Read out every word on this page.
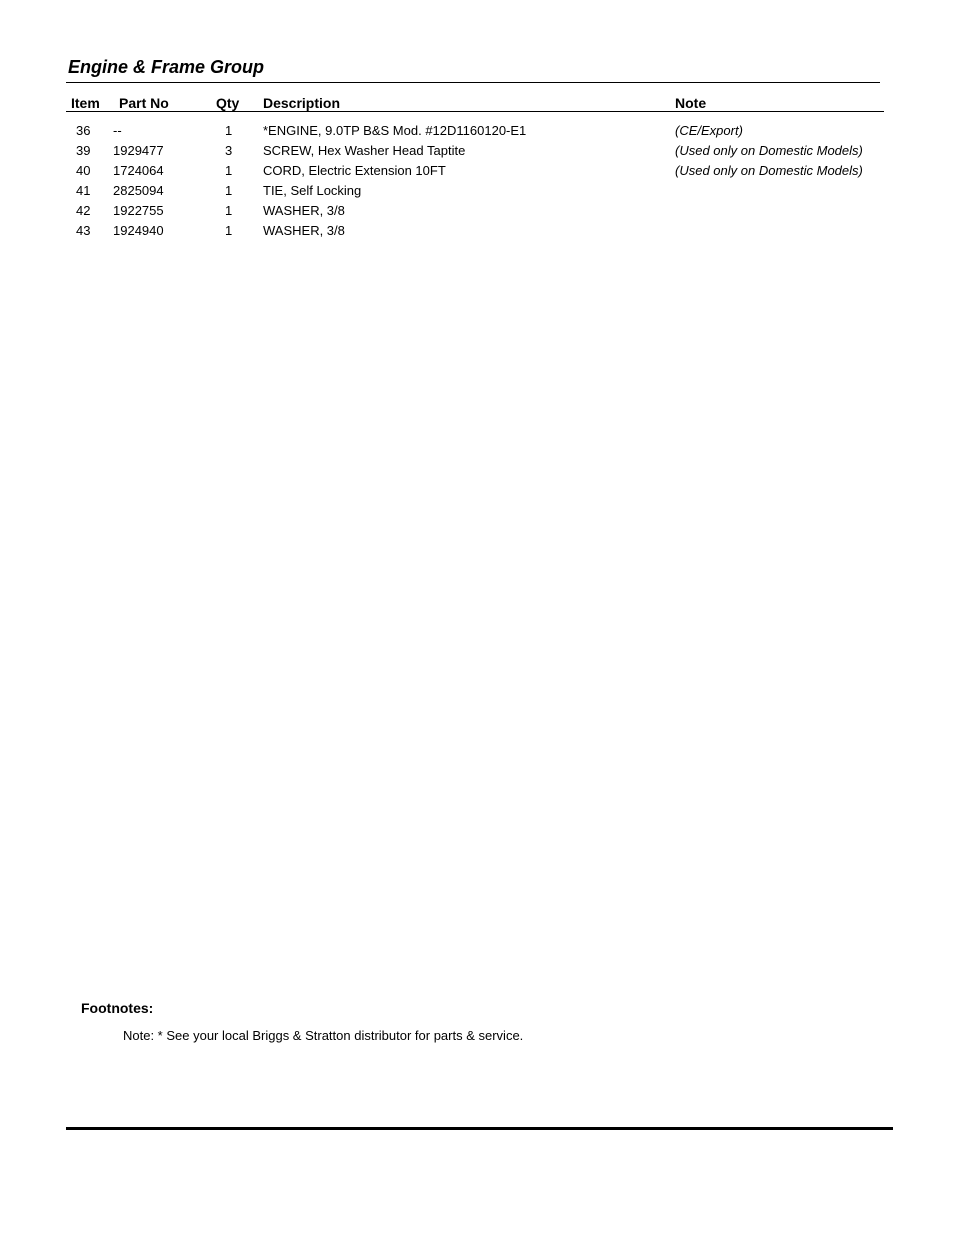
Engine & Frame Group
Item Part No	Qty Description	Note
36 --	1 *ENGINE, 9.0TP B&S Mod. #12D1160120-E1	(CE/Export)
39 1929477	3 SCREW, Hex Washer Head Taptite	(Used only on Domestic Models)
40 1724064	1 CORD, Electric Extension 10FT	(Used only on Domestic Models)
41 2825094	1 TIE, Self Locking
42 1922755	1 WASHER, 3/8
43 1924940	1 WASHER, 3/8
Footnotes:
Note: * See your local Briggs & Stratton distributor for parts & service.
